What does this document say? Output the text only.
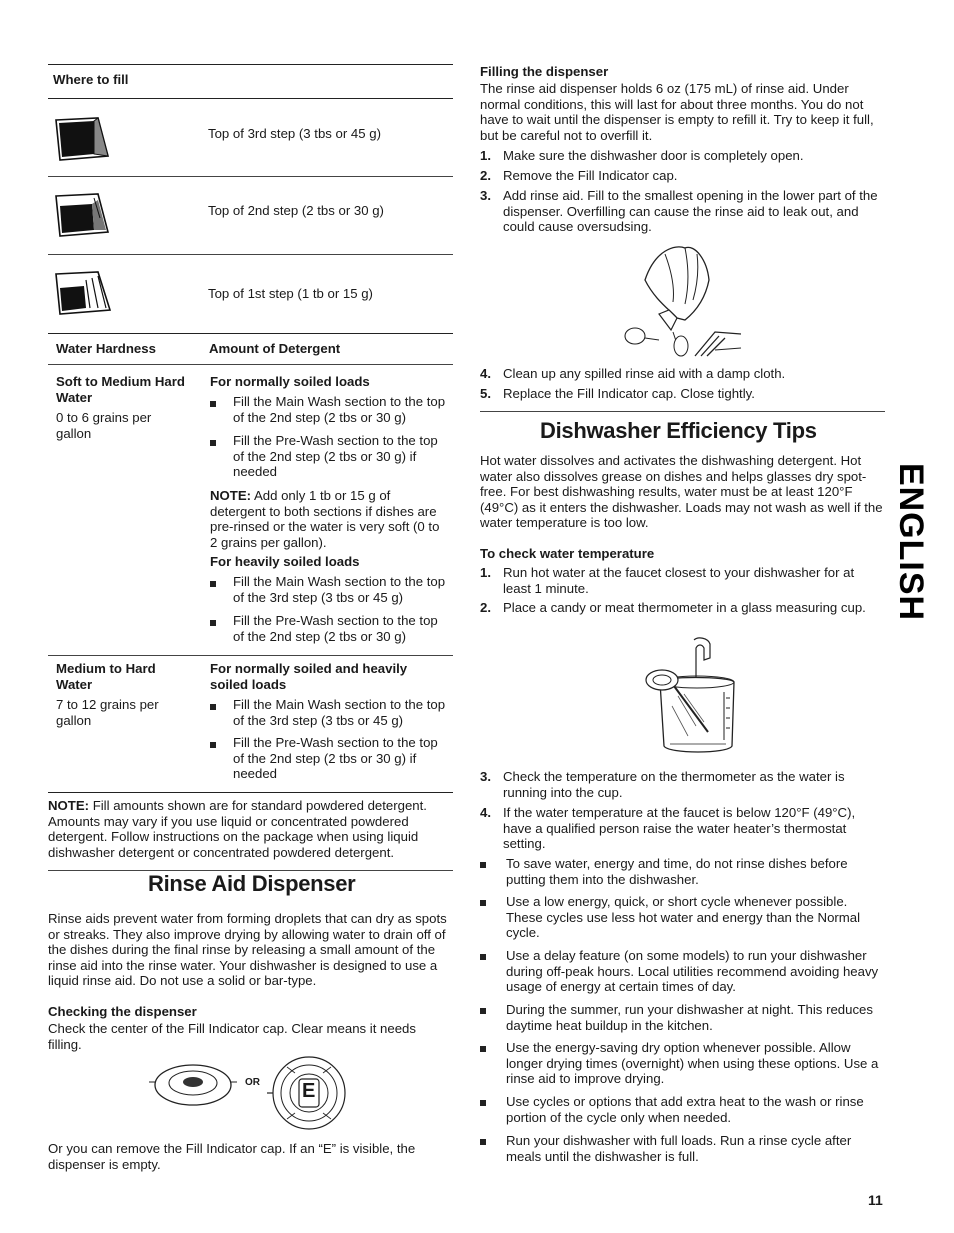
Where to fill
Top of 3rd step (3 tbs or 45 g)
Top of 2nd step (2 tbs or 30 g)
Top of 1st step (1 tb or 15 g)
Water Hardness	Amount of Detergent
Soft to Medium Hard Water
0 to 6 grains per gallon
For normally soiled loads

Fill the Main Wash section to the top of the 2nd step (2 tbs or 30 g)

Fill the Pre-Wash section to the top of the 2nd step (2 tbs or 30 g) if needed

NOTE: Add only 1 tb or 15 g of detergent to both sections if dishes are pre-rinsed or the water is very soft (0 to 2 grains per gallon).

For heavily soiled loads

Fill the Main Wash section to the top of the 3rd step (3 tbs or 45 g)

Fill the Pre-Wash section to the top of the 2nd step (2 tbs or 30 g)

Medium to Hard Water
7 to 12 grains per gallon
For normally soiled and heavily soiled loads

Fill the Main Wash section to the top of the 3rd step (3 tbs or 45 g)

Fill the Pre-Wash section to the top of the 2nd step (2 tbs or 30 g) if needed

NOTE: Fill amounts shown are for standard powdered detergent. Amounts may vary if you use liquid or concentrated powdered detergent. Follow instructions on the package when using liquid dishwasher detergent or concentrated powdered detergent.

Rinse Aid Dispenser

Rinse aids prevent water from forming droplets that can dry as spots or streaks. They also improve drying by allowing water to drain off of the dishes during the final rinse by releasing a small amount of the rinse aid into the rinse water. Your dishwasher is designed to use a liquid rinse aid. Do not use a solid or bar-type.

Checking the dispenser

Check the center of the Fill Indicator cap. Clear means it needs filling.

OR E

Or you can remove the Fill Indicator cap. If an “E” is visible, the dispenser is empty.

Filling the dispenser

The rinse aid dispenser holds 6 oz (175 mL) of rinse aid. Under normal conditions, this will last for about three months. You do not have to wait until the dispenser is empty to refill it. Try to keep it full, but be careful not to overfill it.

1. Make sure the dishwasher door is completely open.

2. Remove the Fill Indicator cap.

3. Add rinse aid. Fill to the smallest opening in the lower part of the dispenser. Overfilling can cause the rinse aid to leak out, and could cause oversudsing.

4. Clean up any spilled rinse aid with a damp cloth.

5. Replace the Fill Indicator cap. Close tightly.

Dishwasher Efficiency Tips

Hot water dissolves and activates the dishwashing detergent. Hot water also dissolves grease on dishes and helps glasses dry spot-free. For best dishwashing results, water must be at least 120°F (49°C) as it enters the dishwasher. Loads may not wash as well if the water temperature is too low.

To check water temperature
1. Run hot water at the faucet closest to your dishwasher for at least 1 minute.

2. Place a candy or meat thermometer in a glass measuring cup.

3. Check the temperature on the thermometer as the water is running into the cup.

4. If the water temperature at the faucet is below 120°F (49°C), have a qualified person raise the water heater’s thermostat setting.

To save water, energy and time, do not rinse dishes before putting them into the dishwasher.

Use a low energy, quick, or short cycle whenever possible. These cycles use less hot water and energy than the Normal cycle.

Use a delay feature (on some models) to run your dishwasher during off-peak hours. Local utilities recommend avoiding heavy usage of energy at certain times of day.

During the summer, run your dishwasher at night. This reduces daytime heat buildup in the kitchen.

Use the energy-saving dry option whenever possible. Allow longer drying times (overnight) when using these options. Use a rinse aid to improve drying.

Use cycles or options that add extra heat to the wash or rinse portion of the cycle only when needed.

Run your dishwasher with full loads. Run a rinse cycle after meals until the dishwasher is full.

ENGLISH
11
